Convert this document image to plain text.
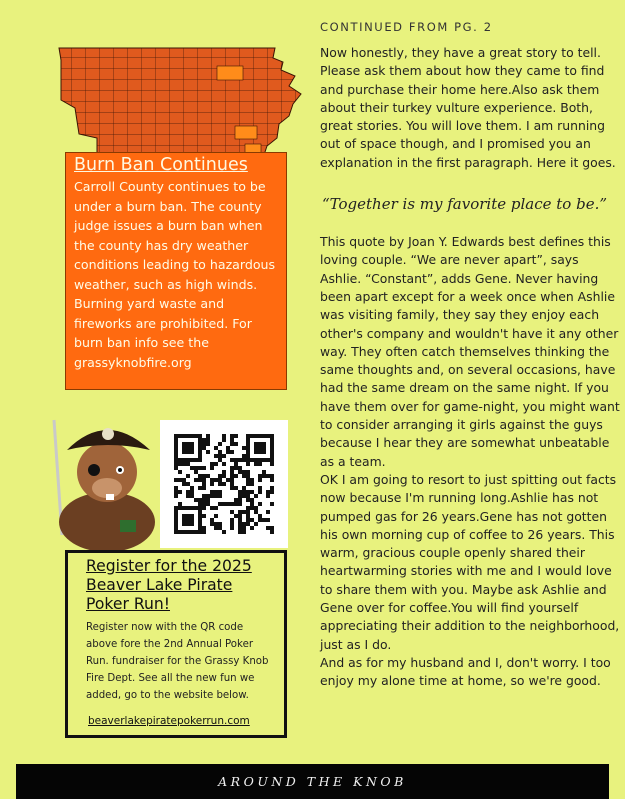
Burn Ban Continues

Carroll County continues to be under a burn ban. The county judge issues a burn ban when the county has dry weather conditions leading to hazardous weather, such as high winds. Burning yard waste and fireworks are prohibited. For burn ban info see the grassyknobfire.org

Register for the 2025 Beaver Lake Pirate Poker Run!

Register now with the QR code above fore the 2nd Annual Poker Run. fundraiser for the Grassy Knob Fire Dept. See all the new fun we added, go to the website below.

beaverlakepiratepokerrun.com

CONTINUED FROM PG. 2

Now honestly, they have a great story to tell. Please ask them about how they came to find and purchase their home here.Also ask them about their turkey vulture experience. Both, great stories. You will love them. I am running out of space though, and I promised you an explanation in the first paragraph. Here it goes.

“Together is my favorite place to be.”

This quote by Joan Y. Edwards best defines this loving couple. “We are never apart”, says Ashlie. “Constant”, adds Gene. Never having been apart except for a week once when Ashlie was visiting family, they say they enjoy each other's company and wouldn't have it any other way. They often catch themselves thinking the same thoughts and, on several occasions, have had the same dream on the same night. If you have them over for game-night, you might want to consider arranging it girls against the guys because I hear they are somewhat unbeatable as a team.

OK I am going to resort to just spitting out facts now because I'm running long.Ashlie has not pumped gas for 26 years.Gene has not gotten his own morning cup of coffee to 26 years. This warm, gracious couple openly shared their heartwarming stories with me and I would love to share them with you. Maybe ask Ashlie and Gene over for coffee.You will find yourself appreciating their addition to the neighborhood, just as I do.

And as for my husband and I, don't worry. I too enjoy my alone time at home, so we're good.

AROUND THE KNOB
